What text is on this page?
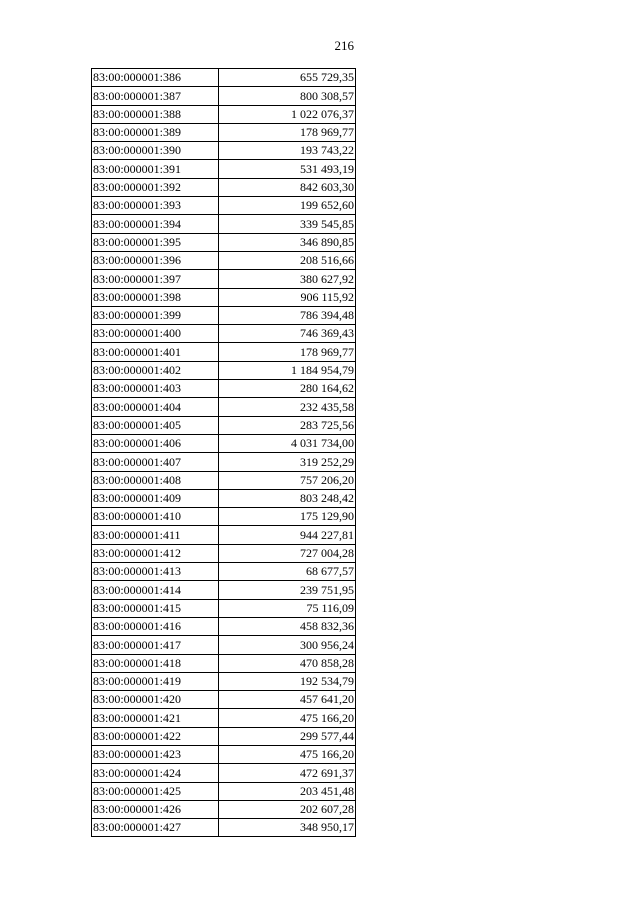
216
83:00:000001:386	655 729,35
83:00:000001:387	800 308,57
83:00:000001:388	1 022 076,37
83:00:000001:389	178 969,77
83:00:000001:390	193 743,22
83:00:000001:391	531 493,19
83:00:000001:392	842 603,30
83:00:000001:393	199 652,60
83:00:000001:394	339 545,85
83:00:000001:395	346 890,85
83:00:000001:396	208 516,66
83:00:000001:397	380 627,92
83:00:000001:398	906 115,92
83:00:000001:399	786 394,48
83:00:000001:400	746 369,43
83:00:000001:401	178 969,77
83:00:000001:402	1 184 954,79
83:00:000001:403	280 164,62
83:00:000001:404	232 435,58
83:00:000001:405	283 725,56
83:00:000001:406	4 031 734,00
83:00:000001:407	319 252,29
83:00:000001:408	757 206,20
83:00:000001:409	803 248,42
83:00:000001:410	175 129,90
83:00:000001:411	944 227,81
83:00:000001:412	727 004,28
83:00:000001:413	68 677,57
83:00:000001:414	239 751,95
83:00:000001:415	75 116,09
83:00:000001:416	458 832,36
83:00:000001:417	300 956,24
83:00:000001:418	470 858,28
83:00:000001:419	192 534,79
83:00:000001:420	457 641,20
83:00:000001:421	475 166,20
83:00:000001:422	299 577,44
83:00:000001:423	475 166,20
83:00:000001:424	472 691,37
83:00:000001:425	203 451,48
83:00:000001:426	202 607,28
83:00:000001:427	348 950,17
